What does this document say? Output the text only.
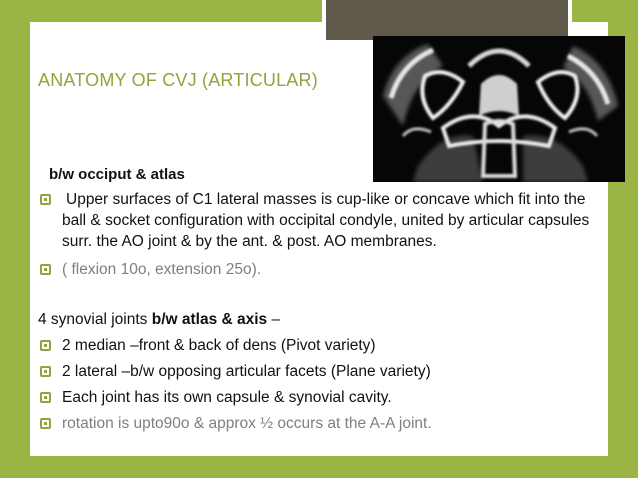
ANATOMY OF CVJ (ARTICULAR)
b/w occiput & atlas
Upper surfaces of C1 lateral masses is cup-like or concave which fit into the ball & socket configuration with occipital condyle, united by articular capsules surr. the AO joint & by the ant. & post. AO membranes.
( flexion 10o, extension 25o).
4 synovial joints b/w atlas & axis –
2 median –front & back of dens (Pivot variety)
2 lateral –b/w opposing articular facets (Plane variety)
Each joint has its own capsule & synovial cavity.
rotation is upto90o & approx ½ occurs at the A-A joint.
